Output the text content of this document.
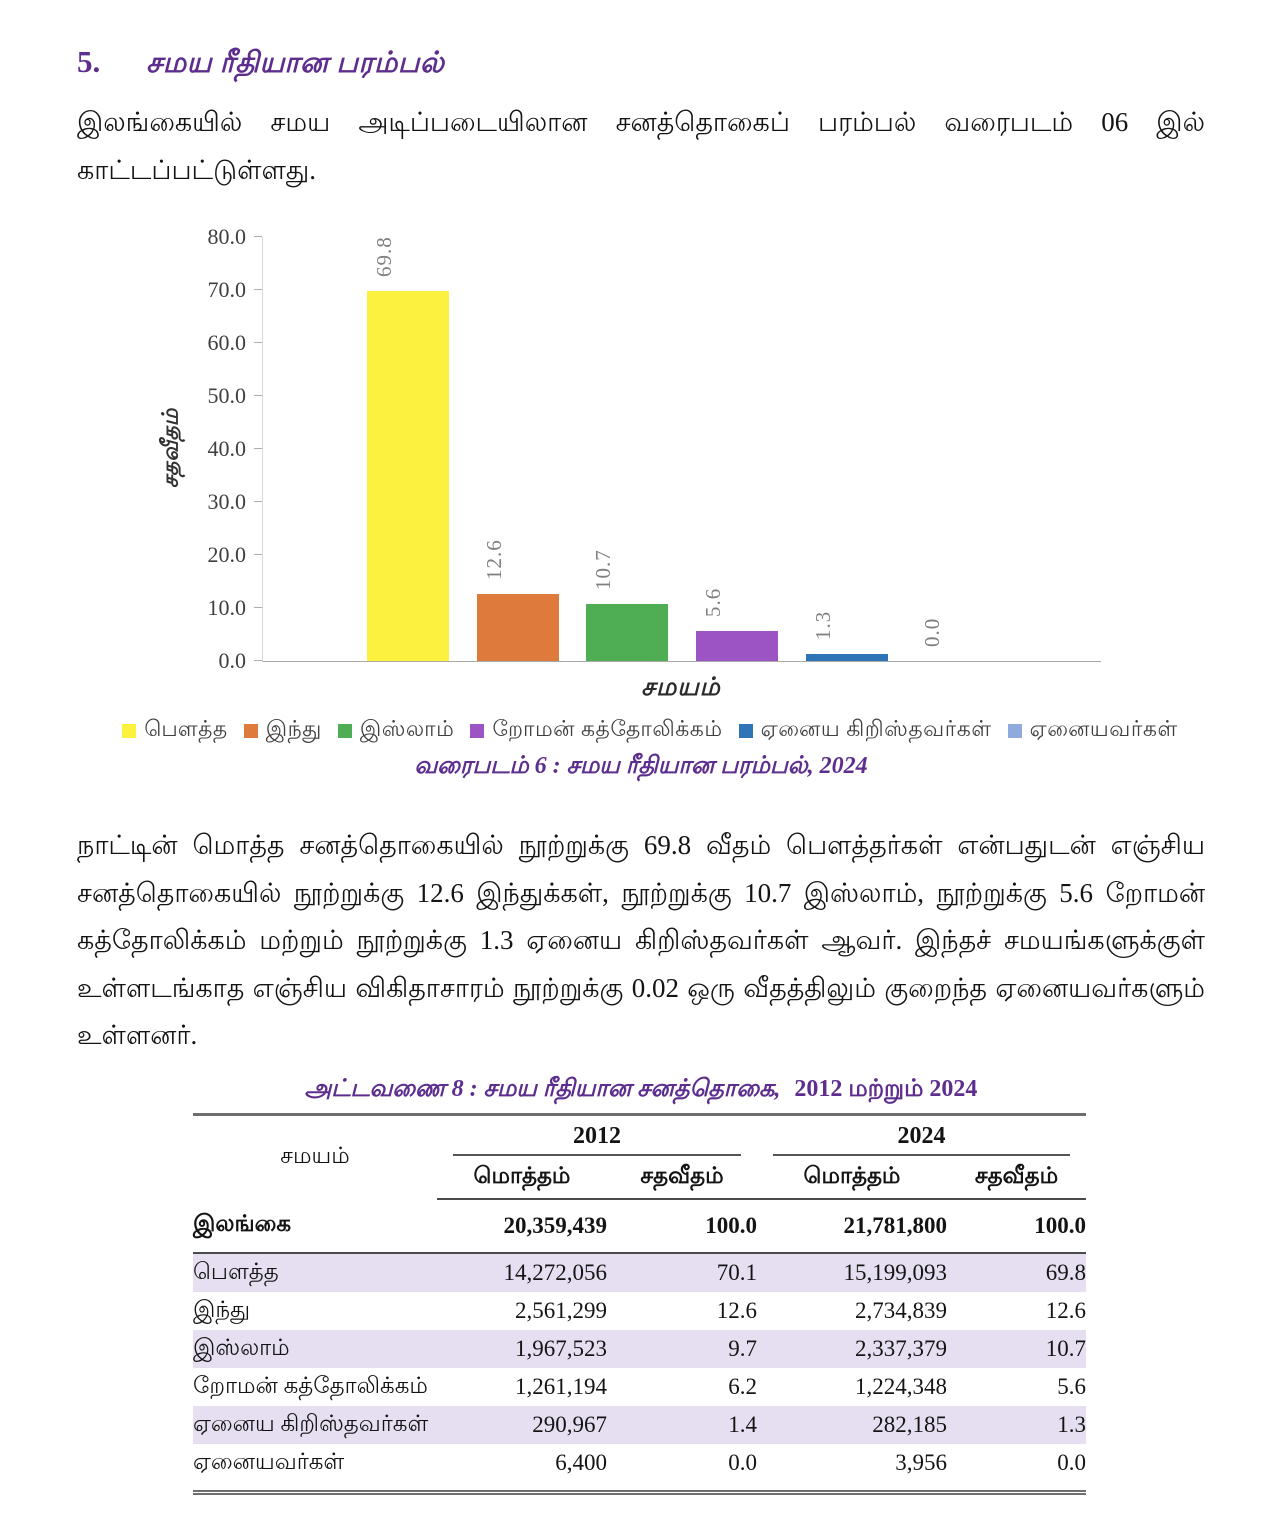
5. சமய ரீதியான பரம்பல்

இலங்கையில் சமய அடிப்படையிலான சனத்தொகைப் பரம்பல் வரைபடம் 06 இல் காட்டப்பட்டுள்ளது.

சதவீதம்
0.0
10.0
20.0
30.0
40.0
50.0
60.0
70.0
80.0	69.8
12.6	10.7
5.6
1.3	0.0
சமயம்
பௌத்த இந்து இஸ்லாம் றோமன் கத்தோலிக்கம் ஏனைய கிறிஸ்தவர்கள் ஏனையவர்கள்
வரைபடம் 6 : சமய ரீதியான பரம்பல், 2024

நாட்டின் மொத்த சனத்தொகையில் நூற்றுக்கு 69.8 வீதம் பௌத்தர்கள் என்பதுடன் எஞ்சிய சனத்தொகையில் நூற்றுக்கு 12.6 இந்துக்கள், நூற்றுக்கு 10.7 இஸ்லாம், நூற்றுக்கு 5.6 றோமன் கத்தோலிக்கம் மற்றும் நூற்றுக்கு 1.3 ஏனைய கிறிஸ்தவர்கள் ஆவர். இந்தச் சமயங்களுக்குள் உள்ளடங்காத எஞ்சிய விகிதாசாரம் நூற்றுக்கு 0.02 ஒரு வீதத்திலும் குறைந்த ஏனையவர்களும் உள்ளனர்.

அட்டவணை 8 : சமய ரீதியான சனத்தொகை, 2012 மற்றும் 2024
சமயம்	2012		2024	

	மொத்தம்	சதவீதம்	மொத்தம்	சதவீதம்
இலங்கை	20,359,439	100.0	21,781,800	100.0
பௌத்த	14,272,056	70.1	15,199,093	69.8
இந்து	2,561,299	12.6	2,734,839	12.6
இஸ்லாம்	1,967,523	9.7	2,337,379	10.7
றோமன் கத்தோலிக்கம்	1,261,194	6.2	1,224,348	5.6
ஏனைய கிறிஸ்தவர்கள்	290,967	1.4	282,185	1.3
ஏனையவர்கள்	6,400	0.0	3,956	0.0
